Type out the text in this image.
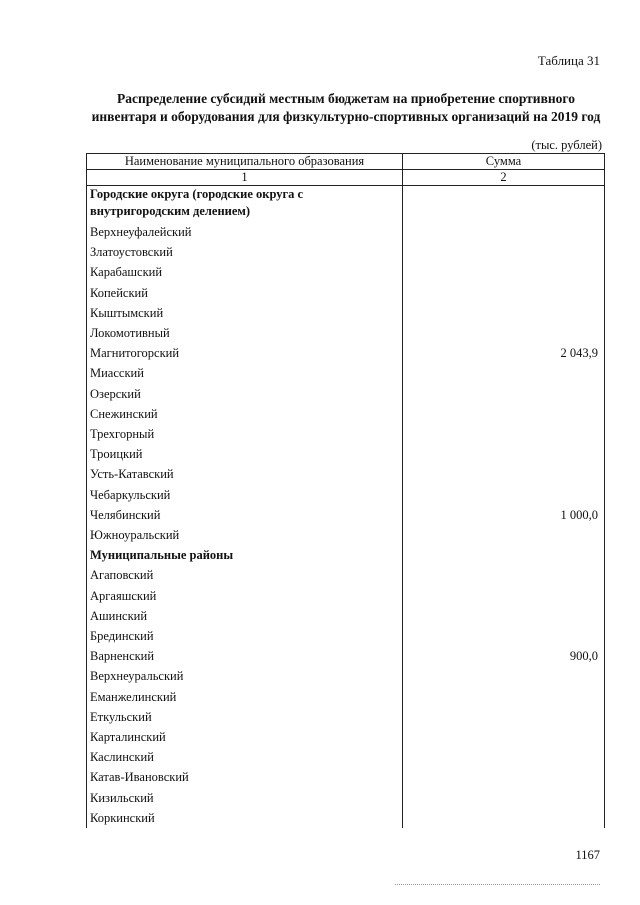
Таблица 31
Распределение субсидий местным бюджетам на приобретение спортивного инвентаря и оборудования для физкультурно-спортивных организаций на 2019 год
(тыс. рублей)
Наименование муниципального образования	Сумма
1	2
Городские округа (городские округа с внутригородским делением)	
Верхнеуфалейский	
Златоустовский	
Карабашский	
Копейский	
Кыштымский	
Локомотивный	
Магнитогорский	2 043,9
Миасский	
Озерский	
Снежинский	
Трехгорный	
Троицкий	
Усть-Катавский	
Чебаркульский	
Челябинский	1 000,0
Южноуральский	
Муниципальные районы	
Агаповский	
Аргаяшский	
Ашинский	
Брединский	
Варненский	900,0
Верхнеуральский	
Еманжелинский	
Еткульский	
Карталинский	
Каслинский	
Катав-Ивановский	
Кизильский	
Коркинский	
1167
